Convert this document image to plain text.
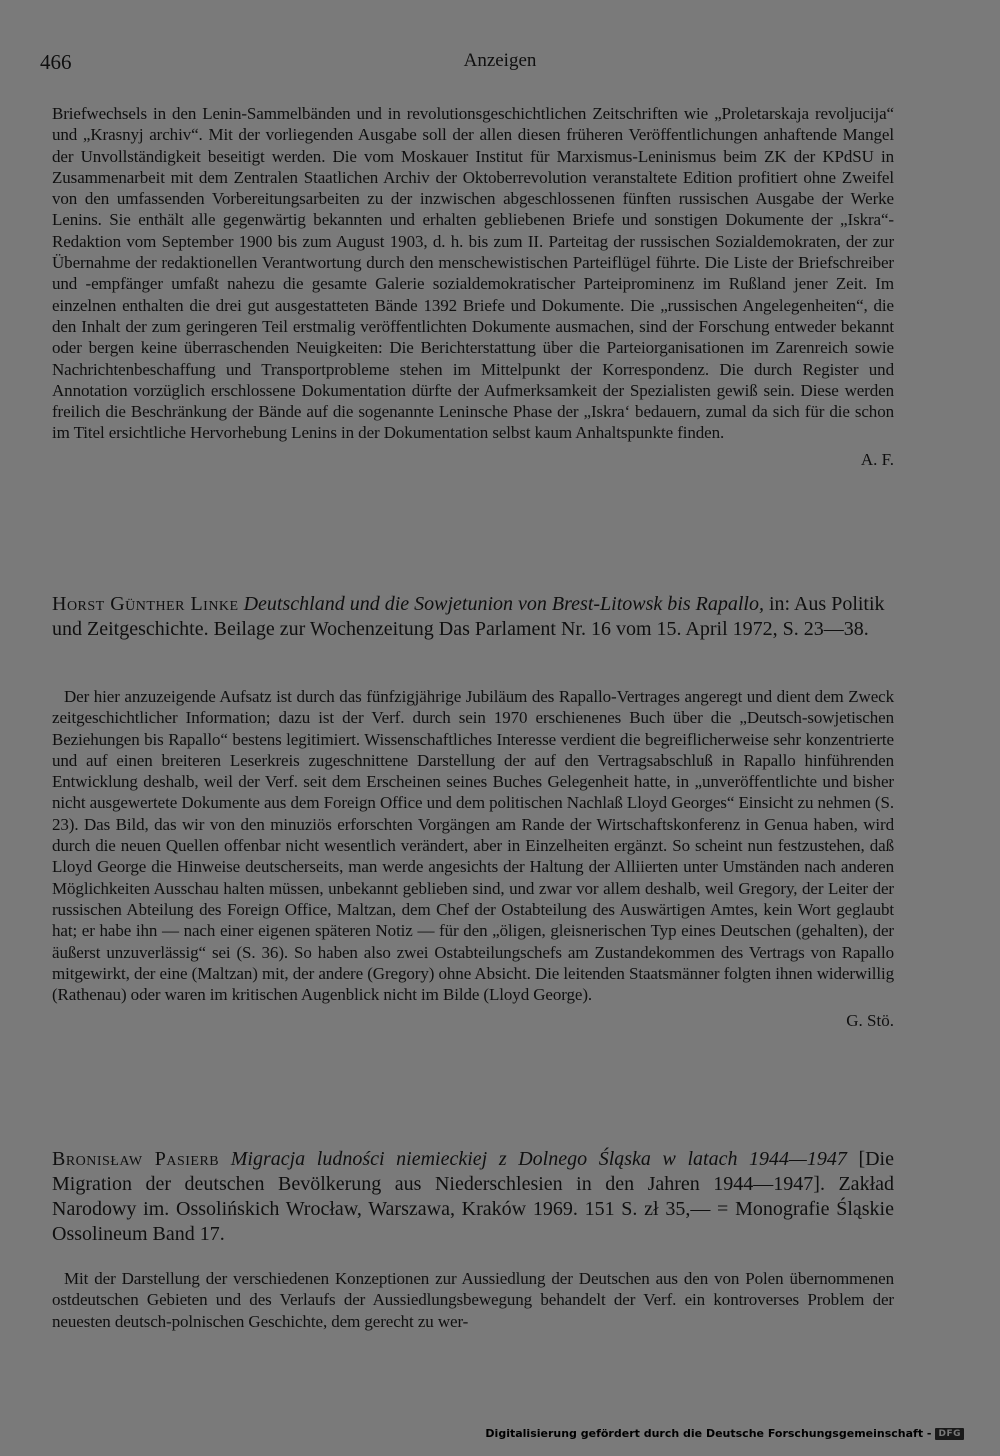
466	Anzeigen

Briefwechsels in den Lenin-Sammelbänden und in revolutionsgeschichtlichen Zeitschriften wie „Proletarskaja revoljucija“ und „Krasnyj archiv“. Mit der vorliegenden Ausgabe soll der allen diesen früheren Veröffentlichungen anhaftende Mangel der Unvollständigkeit beseitigt werden. Die vom Moskauer Institut für Marxismus-Leninismus beim ZK der KPdSU in Zusammenarbeit mit dem Zentralen Staatlichen Archiv der Oktoberrevolution veranstaltete Edition profitiert ohne Zweifel von den umfassenden Vorbereitungsarbeiten zu der inzwischen abgeschlossenen fünften russischen Ausgabe der Werke Lenins. Sie enthält alle gegenwärtig bekannten und erhalten gebliebenen Briefe und sonstigen Dokumente der „Iskra“-Redaktion vom September 1900 bis zum August 1903, d. h. bis zum II. Parteitag der russischen Sozialdemokraten, der zur Übernahme der redaktionellen Verantwortung durch den menschewistischen Parteiflügel führte. Die Liste der Briefschreiber und -empfänger umfaßt nahezu die gesamte Galerie sozialdemokratischer Parteiprominenz im Rußland jener Zeit. Im einzelnen enthalten die drei gut ausgestatteten Bände 1392 Briefe und Dokumente. Die „russischen Angelegenheiten“, die den Inhalt der zum geringeren Teil erstmalig veröffentlichten Dokumente ausmachen, sind der Forschung entweder bekannt oder bergen keine überraschenden Neuigkeiten: Die Berichterstattung über die Parteiorganisationen im Zarenreich sowie Nachrichtenbeschaffung und Transportprobleme stehen im Mittelpunkt der Korrespondenz. Die durch Register und Annotation vorzüglich erschlossene Dokumentation dürfte der Aufmerksamkeit der Spezialisten gewiß sein. Diese werden freilich die Beschränkung der Bände auf die sogenannte Leninsche Phase der „Iskra‘ bedauern, zumal da sich für die schon im Titel ersichtliche Hervorhebung Lenins in der Dokumentation selbst kaum Anhaltspunkte finden.

A. F.

Horst Günther Linke Deutschland und die Sowjetunion von Brest-Litowsk bis Rapallo, in: Aus Politik und Zeitgeschichte. Beilage zur Wochenzeitung Das Parlament Nr. 16 vom 15. April 1972, S. 23—38.

Der hier anzuzeigende Aufsatz ist durch das fünfzigjährige Jubiläum des Rapallo-Vertrages angeregt und dient dem Zweck zeitgeschichtlicher Information; dazu ist der Verf. durch sein 1970 erschienenes Buch über die „Deutsch-sowjetischen Beziehungen bis Rapallo“ bestens legitimiert. Wissenschaftliches Interesse verdient die begreiflicherweise sehr konzentrierte und auf einen breiteren Leserkreis zugeschnittene Darstellung der auf den Vertragsabschluß in Rapallo hinführenden Entwicklung deshalb, weil der Verf. seit dem Erscheinen seines Buches Gelegenheit hatte, in „unveröffentlichte und bisher nicht ausgewertete Dokumente aus dem Foreign Office und dem politischen Nachlaß Lloyd Georges“ Einsicht zu nehmen (S. 23). Das Bild, das wir von den minuziös erforschten Vorgängen am Rande der Wirtschaftskonferenz in Genua haben, wird durch die neuen Quellen offenbar nicht wesentlich verändert, aber in Einzelheiten ergänzt. So scheint nun festzustehen, daß Lloyd George die Hinweise deutscherseits, man werde angesichts der Haltung der Alliierten unter Umständen nach anderen Möglichkeiten Ausschau halten müssen, unbekannt geblieben sind, und zwar vor allem deshalb, weil Gregory, der Leiter der russischen Abteilung des Foreign Office, Maltzan, dem Chef der Ostabteilung des Auswärtigen Amtes, kein Wort geglaubt hat; er habe ihn — nach einer eigenen späteren Notiz — für den „öligen, gleisnerischen Typ eines Deutschen (gehalten), der äußerst unzuverlässig“ sei (S. 36). So haben also zwei Ostabteilungschefs am Zustandekommen des Vertrags von Rapallo mitgewirkt, der eine (Maltzan) mit, der andere (Gregory) ohne Absicht. Die leitenden Staatsmänner folgten ihnen widerwillig (Rathenau) oder waren im kritischen Augenblick nicht im Bilde (Lloyd George).

G. Stö.

Bronisław Pasierb Migracja ludności niemieckiej z Dolnego Śląska w latach 1944—1947 [Die Migration der deutschen Bevölkerung aus Niederschlesien in den Jahren 1944—1947]. Zakład Narodowy im. Ossolińskich Wrocław, Warszawa, Kraków 1969. 151 S. zł 35,— = Monografie Śląskie Ossolineum Band 17.

Mit der Darstellung der verschiedenen Konzeptionen zur Aussiedlung der Deutschen aus den von Polen übernommenen ostdeutschen Gebieten und des Verlaufs der Aussiedlungsbewegung behandelt der Verf. ein kontroverses Problem der neuesten deutsch-polnischen Geschichte, dem gerecht zu wer-

Digitalisierung gefördert durch die Deutsche Forschungsgemeinschaft - DFG
